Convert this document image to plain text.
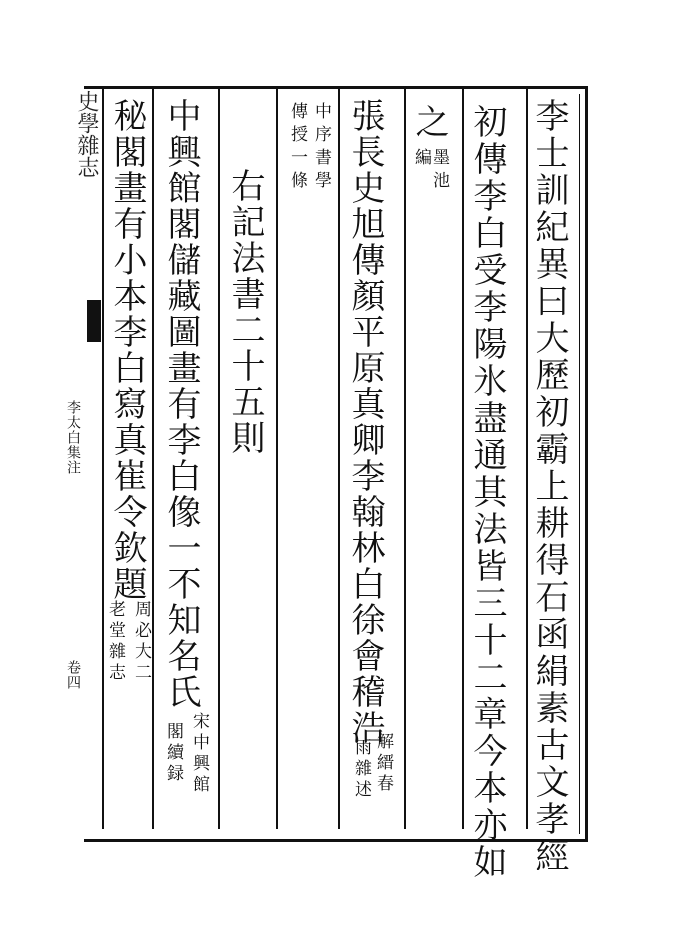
史學雜志	李士訓紀異曰大歷初霸上耕得石函絹素古文孝經
初傳李白受李陽氷盡通其法皆三十二章今本亦如
之
墨池
編
張長史旭傳顏平原真卿李翰林白徐會稽浩
解縉春
雨雜述
中序書學
傳授一條
右記法書二十五則
中興館閣儲藏圖畫有李白像一不知名氏
宋中興館
閣續録
秘閣畫有小本李白寫真崔令欽題
周必大二
老堂雜志
李太白集注
卷四
